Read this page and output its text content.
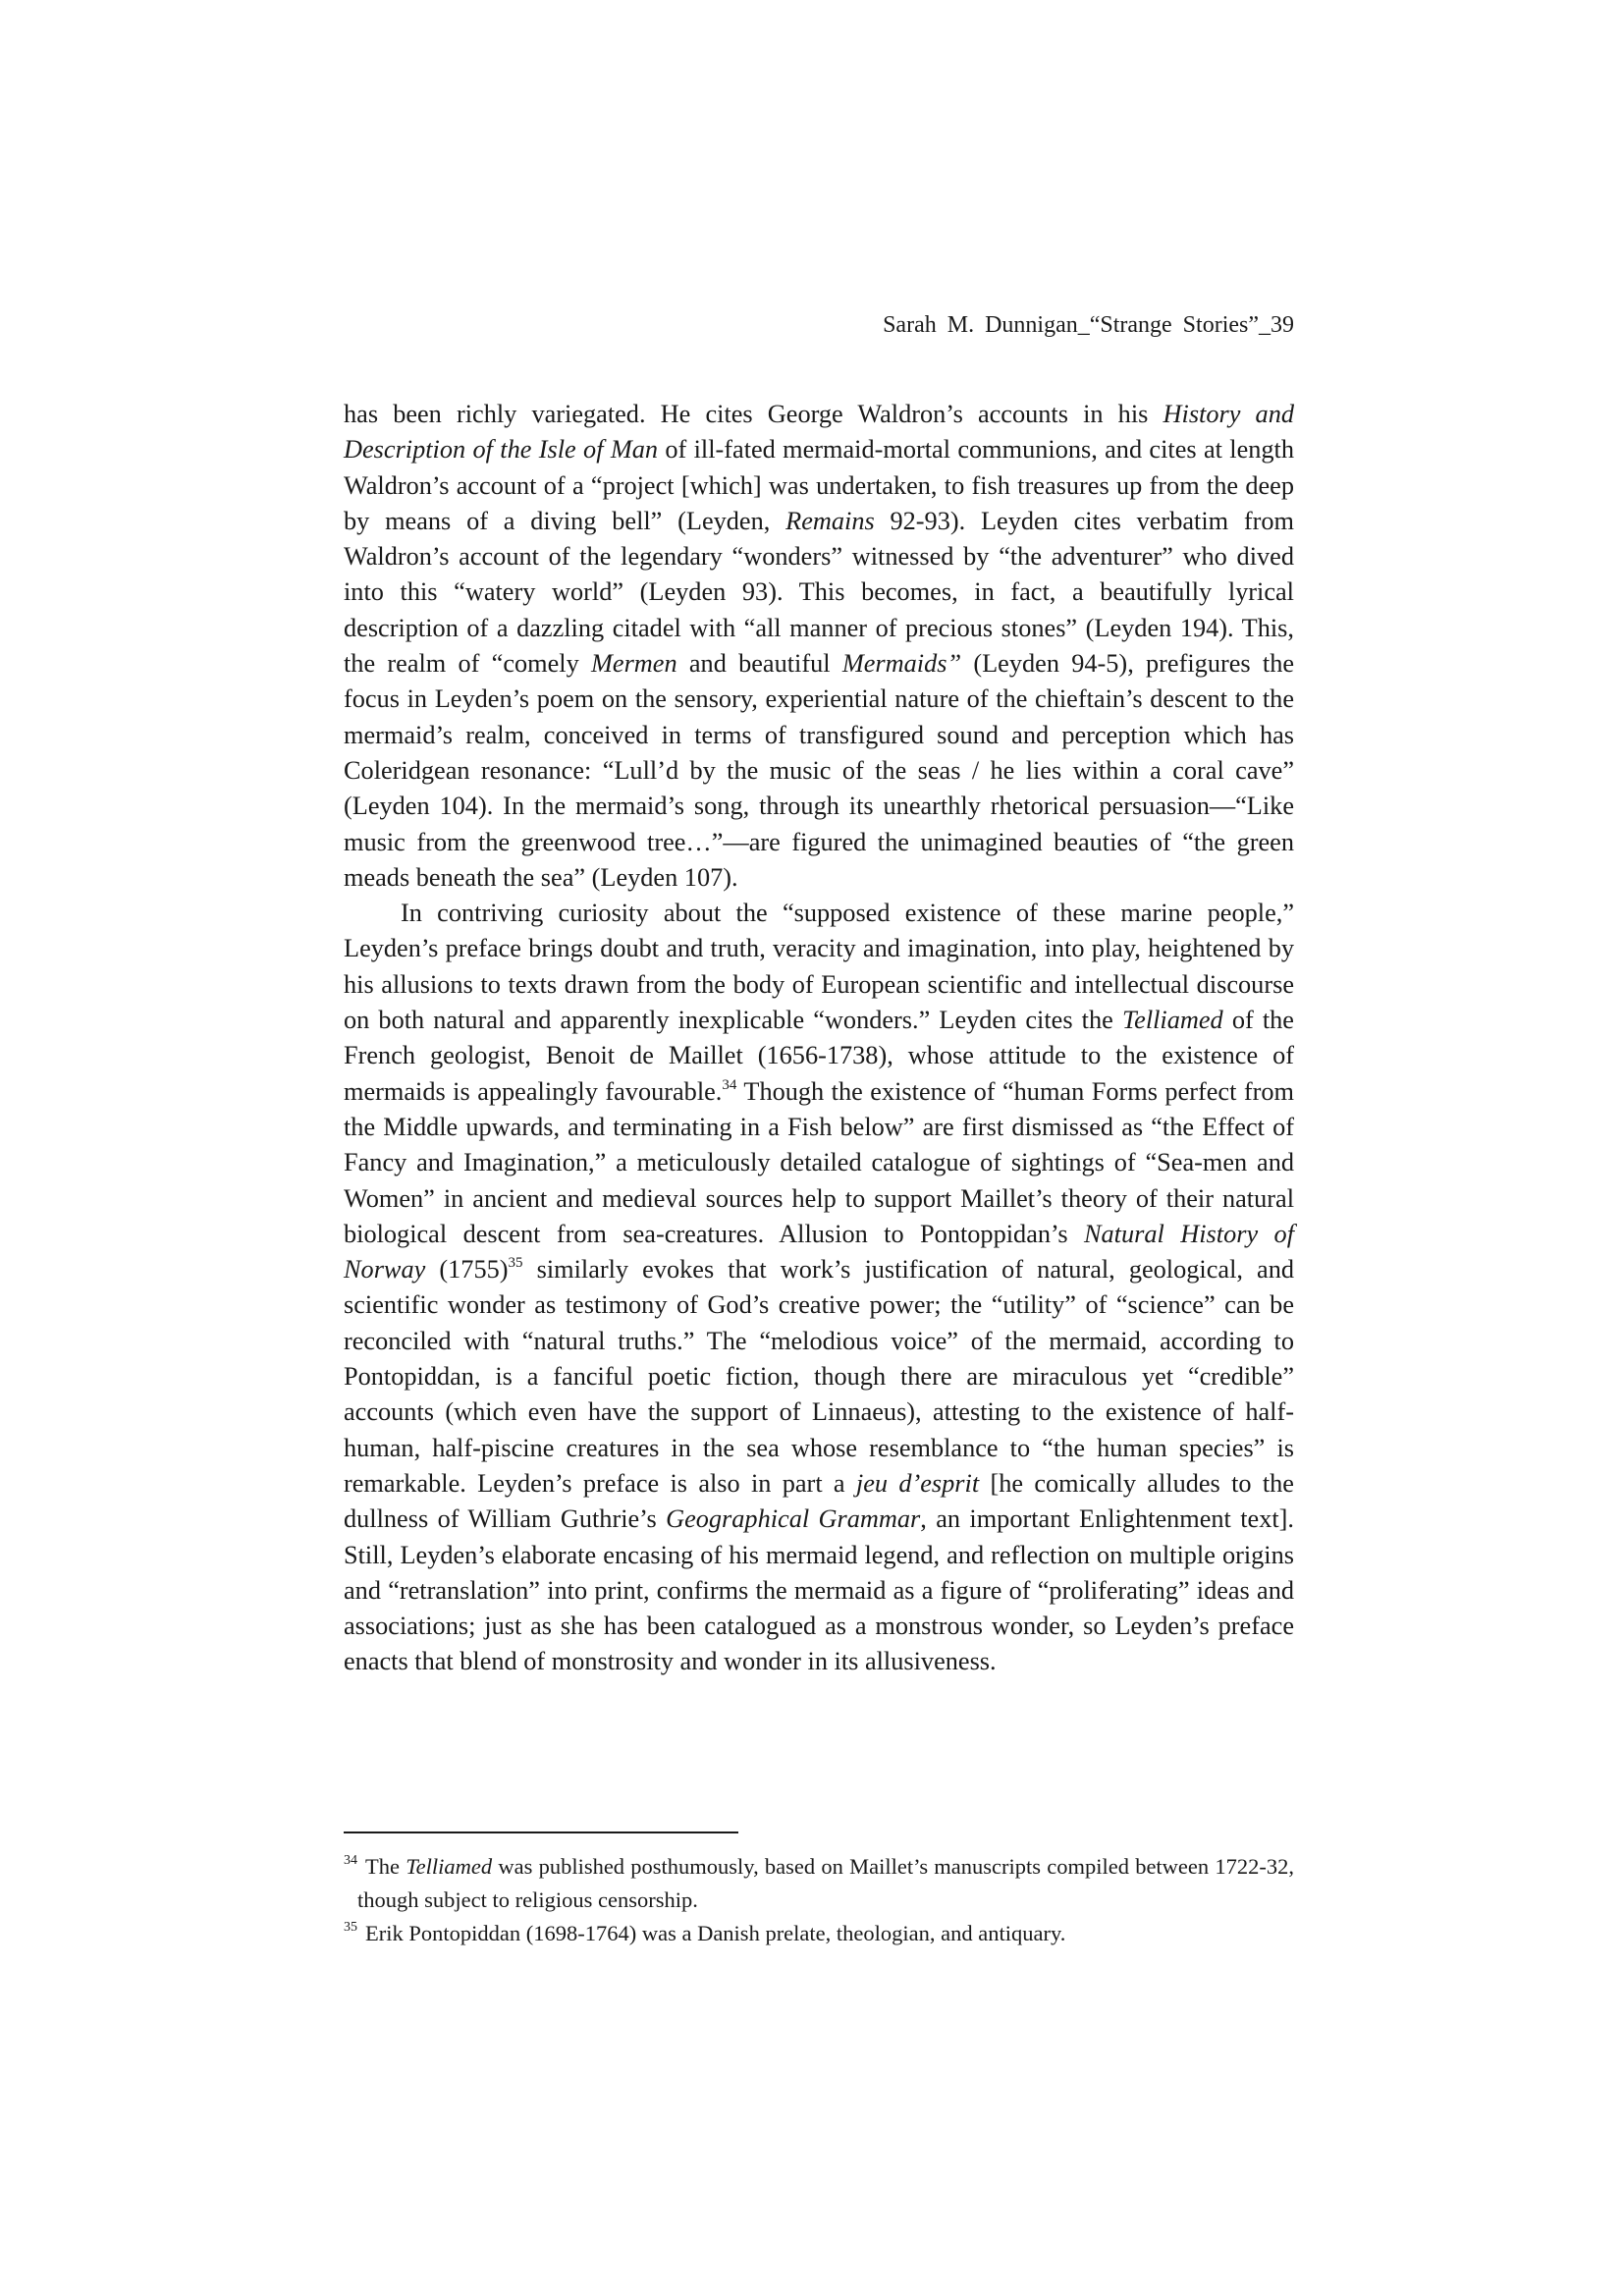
Sarah M. Dunnigan_“Strange Stories”_39

has been richly variegated. He cites George Waldron’s accounts in his History and Description of the Isle of Man of ill-fated mermaid-mortal communions, and cites at length Waldron’s account of a “project [which] was undertaken, to fish treasures up from the deep by means of a diving bell” (Leyden, Remains 92-93). Leyden cites verbatim from Waldron’s account of the legendary “wonders” witnessed by “the adventurer” who dived into this “watery world” (Leyden 93). This becomes, in fact, a beautifully lyrical description of a dazzling citadel with “all manner of precious stones” (Leyden 194). This, the realm of “comely Mermen and beautiful Mermaids” (Leyden 94-5), prefigures the focus in Leyden’s poem on the sensory, experiential nature of the chieftain’s descent to the mermaid’s realm, conceived in terms of transfigured sound and perception which has Coleridgean resonance: “Lull’d by the music of the seas / he lies within a coral cave” (Leyden 104). In the mermaid’s song, through its unearthly rhetorical persuasion—“Like music from the greenwood tree…”—are figured the unimagined beauties of “the green meads beneath the sea” (Leyden 107).

In contriving curiosity about the “supposed existence of these marine people,” Leyden’s preface brings doubt and truth, veracity and imagination, into play, heightened by his allusions to texts drawn from the body of European scientific and intellectual discourse on both natural and apparently inexplicable “wonders.” Leyden cites the Telliamed of the French geologist, Benoit de Maillet (1656-1738), whose attitude to the existence of mermaids is appealingly favourable.$^{34}$ Though the existence of “human Forms perfect from the Middle upwards, and terminating in a Fish below” are first dismissed as “the Effect of Fancy and Imagination,” a meticulously detailed catalogue of sightings of “Sea-men and Women” in ancient and medieval sources help to support Maillet’s theory of their natural biological descent from sea-creatures. Allusion to Pontoppidan’s Natural History of Norway $(1755)^{35}$ similarly evokes that work’s justification of natural, geological, and scientific wonder as testimony of God’s creative power; the “utility” of “science” can be reconciled with “natural truths.” The “melodious voice” of the mermaid, according to Pontopiddan, is a fanciful poetic fiction, though there are miraculous yet “credible” accounts (which even have the support of Linnaeus), attesting to the existence of half-human, half-piscine creatures in the sea whose resemblance to “the human species” is remarkable. Leyden’s preface is also in part a jeu d’esprit [he comically alludes to the dullness of William Guthrie’s Geographical Grammar, an important Enlightenment text]. Still, Leyden’s elaborate encasing of his mermaid legend, and reflection on multiple origins and “retranslation” into print, confirms the mermaid as a figure of “proliferating” ideas and associations; just as she has been catalogued as a monstrous wonder, so Leyden’s preface enacts that blend of monstrosity and wonder in its allusiveness.

$^{34}$ The Telliamed was published posthumously, based on Maillet’s manuscripts compiled between 1722-32, though subject to religious censorship.

$^{35}$ Erik Pontopiddan (1698-1764) was a Danish prelate, theologian, and antiquary.
